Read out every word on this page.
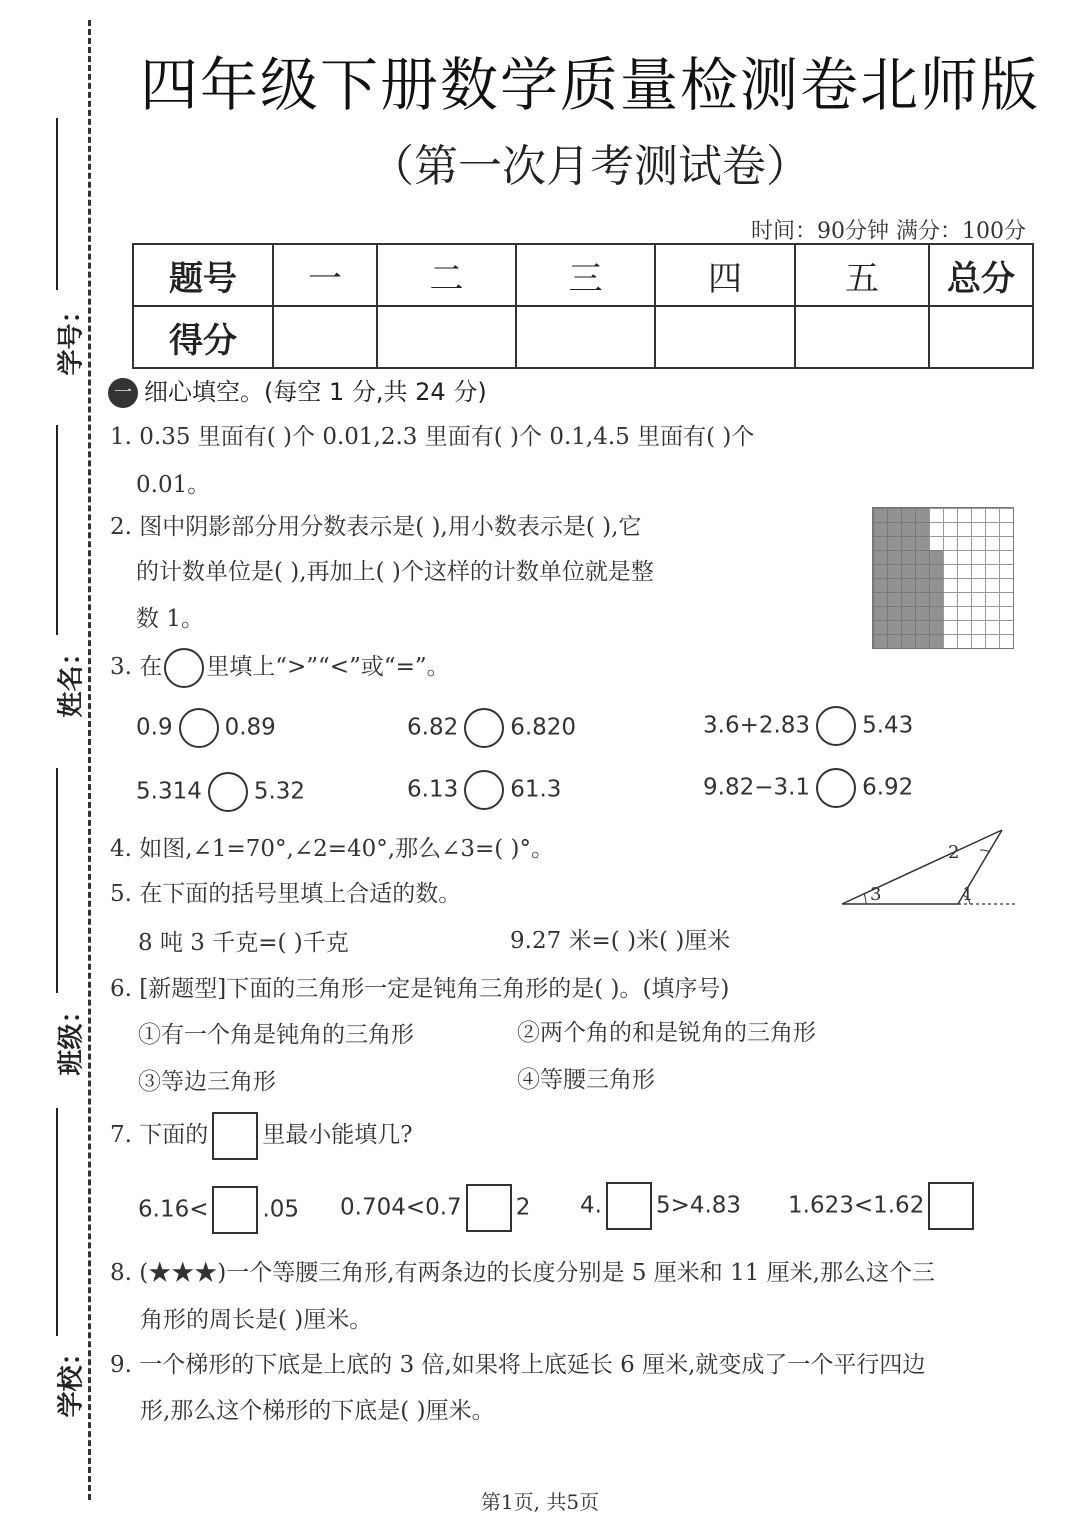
学号：
姓名：
班级：
学校：
四年级下册数学质量检测卷北师版
（第一次月考测试卷）
时间：90分钟 满分：100分
题号	一	二	三	四	五	总分
得分						
一 细心填空。(每空 1 分,共 24 分)
1. 0.35 里面有( )个 0.01,2.3 里面有( )个 0.1,4.5 里面有( )个
0.01。
2. 图中阴影部分用分数表示是( ),用小数表示是( ),它
的计数单位是( ),再加上( )个这样的计数单位就是整
数 1。
3. 在 里填上“>”“<”或“=”。
0.9 0.89	6.82 6.820	3.6+2.83 5.43
5.314 5.32	6.13 61.3	9.82−3.1 6.92
4. 如图,∠1=70°,∠2=40°,那么∠3=( )°。
3
2
1
5. 在下面的括号里填上合适的数。
8 吨 3 千克=( )千克	9.27 米=( )米( )厘米
6. [新题型]下面的三角形一定是钝角三角形的是( )。(填序号)
①有一个角是钝角的三角形	②两个角的和是锐角的三角形
③等边三角形	④等腰三角形
7. 下面的 里最小能填几?
6.16< .05 0.704<0.7 2 4. 5>4.83 1.623<1.62
8. (★★★)一个等腰三角形,有两条边的长度分别是 5 厘米和 11 厘米,那么这个三
角形的周长是( )厘米。
9. 一个梯形的下底是上底的 3 倍,如果将上底延长 6 厘米,就变成了一个平行四边
形,那么这个梯形的下底是( )厘米。
第1页, 共5页
